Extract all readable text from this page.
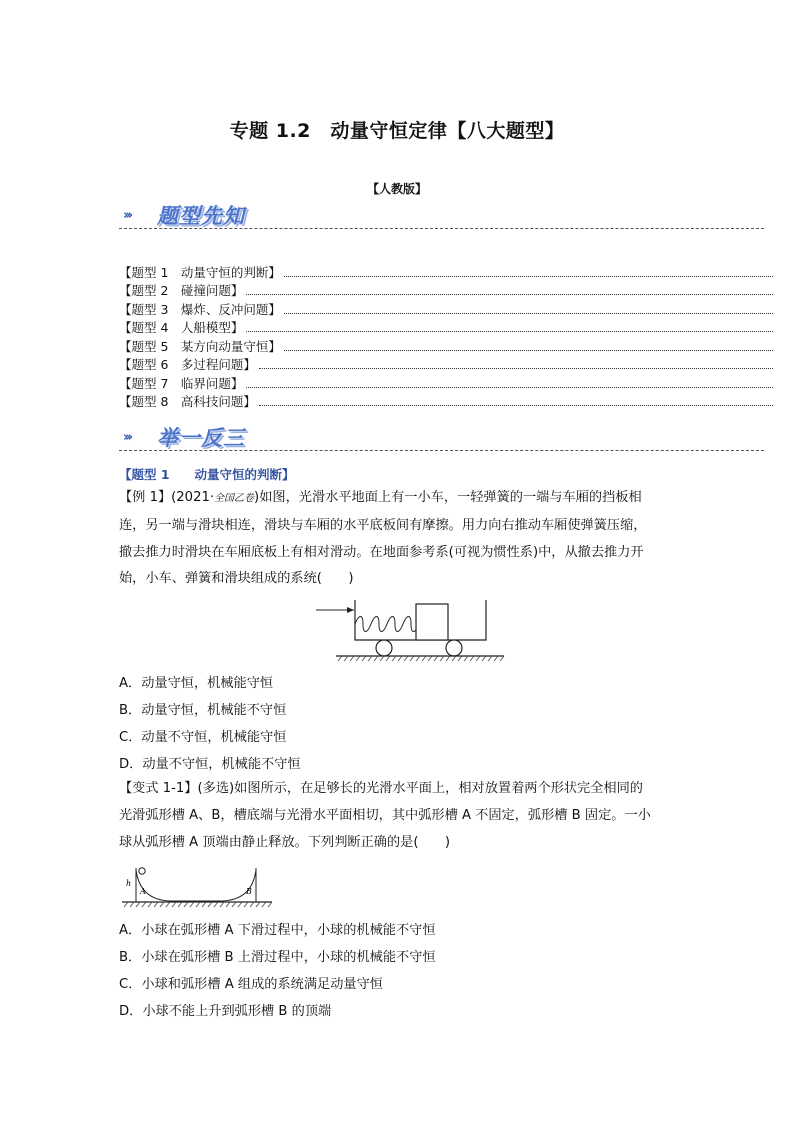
专题 1.2　动量守恒定律【八大题型】
【人教版】
››› 题型先知
【题型 1　动量守恒的判断】
【题型 2　碰撞问题】
【题型 3　爆炸、反冲问题】
【题型 4　人船模型】
【题型 5　某方向动量守恒】
【题型 6　多过程问题】
【题型 7　临界问题】
【题型 8　高科技问题】
››› 举一反三
【题型 1　　动量守恒的判断】
【例 1】(2021·全国乙卷)如图，光滑水平地面上有一小车，一轻弹簧的一端与车厢的挡板相
连，另一端与滑块相连，滑块与车厢的水平底板间有摩擦。用力向右推动车厢使弹簧压缩，
撤去推力时滑块在车厢底板上有相对滑动。在地面参考系(可视为惯性系)中，从撤去推力开
始，小车、弹簧和滑块组成的系统(　　)
A．动量守恒，机械能守恒
B．动量守恒，机械能不守恒
C．动量不守恒，机械能守恒
D．动量不守恒，机械能不守恒
【变式 1-1】(多选)如图所示，在足够长的光滑水平面上，相对放置着两个形状完全相同的
光滑弧形槽 A、B，槽底端与光滑水平面相切，其中弧形槽 A 不固定，弧形槽 B 固定。一小
球从弧形槽 A 顶端由静止释放。下列判断正确的是(　　)
h
A	B
A．小球在弧形槽 A 下滑过程中，小球的机械能不守恒
B．小球在弧形槽 B 上滑过程中，小球的机械能不守恒
C．小球和弧形槽 A 组成的系统满足动量守恒
D．小球不能上升到弧形槽 B 的顶端
